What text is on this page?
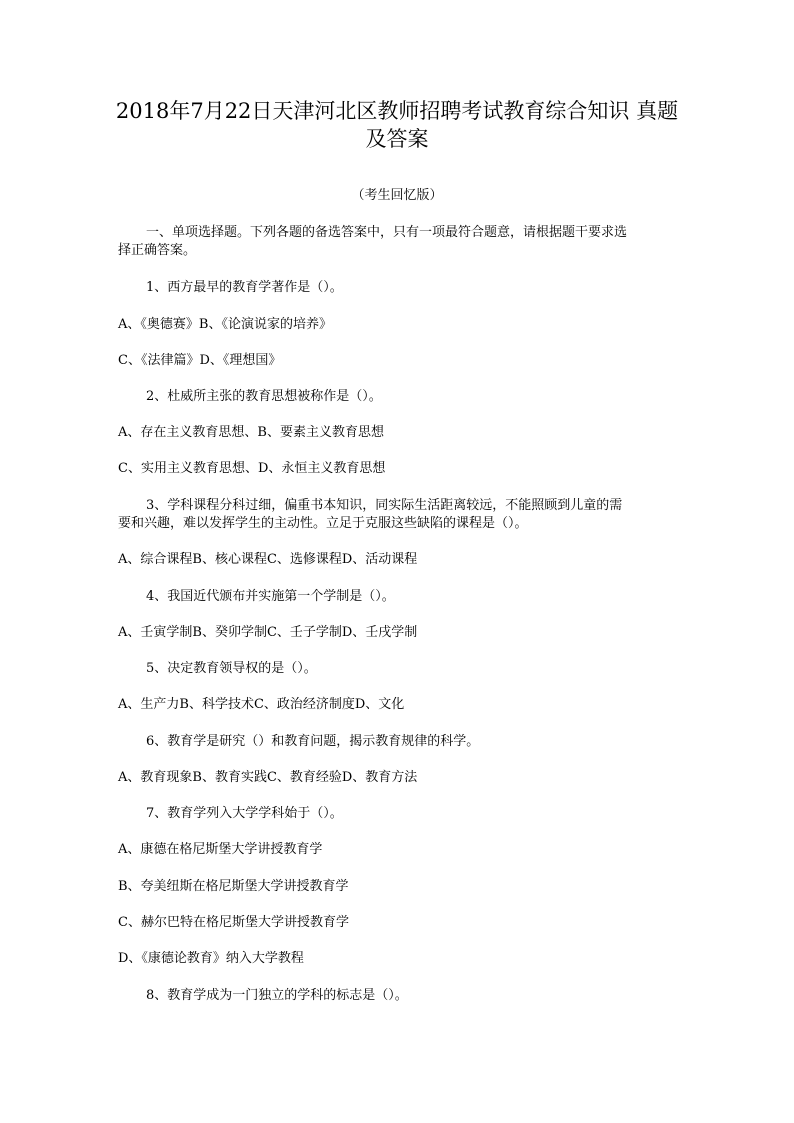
2018年7月22日天津河北区教师招聘考试教育综合知识 真题
及答案
（考生回忆版）
一、单项选择题。下列各题的备选答案中，只有一项最符合题意，请根据题干要求选
择正确答案。
1、西方最早的教育学著作是（）。
A、《奥德赛》B、《论演说家的培养》
C、《法律篇》D、《理想国》
2、杜威所主张的教育思想被称作是（）。
A、存在主义教育思想、B、要素主义教育思想
C、实用主义教育思想、D、永恒主义教育思想
3、学科课程分科过细，偏重书本知识，同实际生活距离较远，不能照顾到儿童的需
要和兴趣，难以发挥学生的主动性。立足于克服这些缺陷的课程是（）。
A、综合课程B、核心课程C、选修课程D、活动课程
4、我国近代颁布并实施第一个学制是（）。
A、壬寅学制B、癸卯学制C、壬子学制D、壬戌学制
5、决定教育领导权的是（）。
A、生产力B、科学技术C、政治经济制度D、文化
6、教育学是研究（）和教育问题，揭示教育规律的科学。
A、教育现象B、教育实践C、教育经验D、教育方法
7、教育学列入大学学科始于（）。
A、康德在格尼斯堡大学讲授教育学
B、夸美纽斯在格尼斯堡大学讲授教育学
C、赫尔巴特在格尼斯堡大学讲授教育学
D、《康德论教育》纳入大学教程
8、教育学成为一门独立的学科的标志是（）。
